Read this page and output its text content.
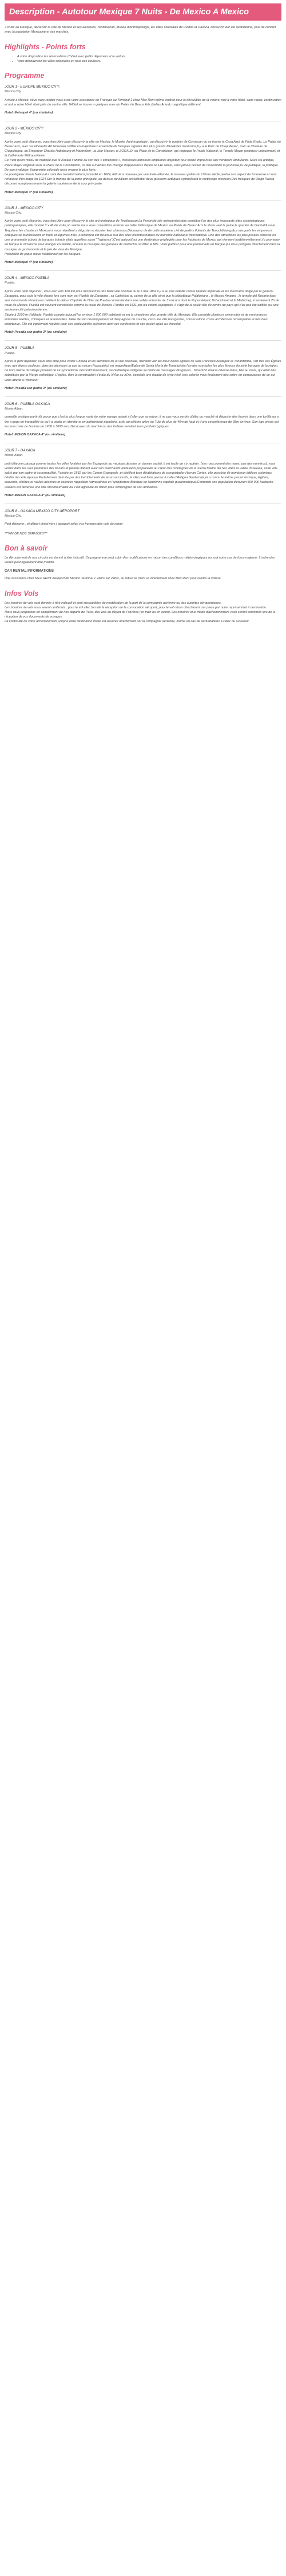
Description - Autotour Mexique 7 Nuits - De Mexico A Mexico

7 Nuits au Mexique, découvrir la ville de Mexico et ses alentours, Teotihuacan, Musée d'Anthropologie, les villes coloniales de Puebla et Oaxaca, découvrir leur vie quotidienne, plus de contact avec la population Mexicaine et ses marchés.

Highlights - Points forts
• A votre disposition les réservations d'hôtel avec petits déjeuners et la voiture.
• Vous découvrirez les villes coloniales en tous ces couleurs.
Programme
JOUR 1 - EUROPE MEXICO CITY.
Mexico City.
Arrivée à Mexico, vous avez rendez vous avec votre assistance en Français au Terminal 1 chez Mex Rent même endroit pour la dévolution de la voiture, nuit a votre hôtel, sans repas, continuation et nuit a votre hôtel situé près du centre ville. l'Hôtel se trouve a quelques rues du Palais de Beaux Arts (bellas Artes), magnifique bâtiment.
Hotel: Metropol 4* (ou similaire)
JOUR 2 - MEXICO CITY
Mexico City.
Après votre petit déjeuner, vous êtes libre pour découvrir la ville de Mexico, le Musée d'anthropologie , ou découvrir le quartier de Coyoacan ou se trouve la Casa Azul de Frida Khalo, Le Palais de Beaux arts, avec sa silhouette Art Nouveau coiffée en majestueux ensemble de fresques signées des plus grands Muralistes mexicains,Il y a le Parc de Chapultepec, avec le Chateau de Chapultepec, ou Empereur Charles Habsbourg et Maximilien , la Jour Maison, le ZOCALO, ou Place de la Constitution, qui regroupe le Palais National, le Temple Mayor (extérieur uniquement) et la Cathédrale Métropolitaine.
Ce n'est qu'en milieu de matinée que le Zocalo s'anime au son des « concheros », intéressés danseurs emplumés disputant leur scène improvisée aux vendeurs ambulants. Sous-sol antique, Place Mayor englouti sous la Place de la Constitution, ce lieu a maintes fois changé d'apparences depuis le 14e siècle, sans jamais cesser de rassembler la jeunesse,la vie publique, la politique. De son évolution, l'empreinte coloniale reste encore la plus forte.
Le prestigieux Palais National a subi des transformations,incendié en 1624, détruit à nouveau par une foule affamée, le nouveau palais du 17ème siècle perdra son aspect de forteresse et sera rehaussé d'un étage en 1924.Sur le fronton de la porte principale, au-dessus du balcon présidentiel deux guerriers aztèques symbolisant le métissage mexicain.Des fresques de Diego Rivera décorent somptueusement la galerie supérieure de la cour principale.
Hotel: Metropol 4* (ou similaire)
JOUR 3 - MEXICO CITY
Mexico City.
Après votre petit déjeuner, vous êtes libre pour découvrir le site archéologique de Teotihuacan,La Pyramide,site mésoaméricaine constitue l'un des plus imposants sites archéologiques préhispaniques, elle montré 3 x 4h de visite,on soirée nous vous conseillons assister au ballet folklorique de Mexico au Palais de Beaux Arts le show vaut la peine,le quartier de Garibaldi ou le Tequila et les chanteurs Mexicains vous réveillent a déguster et écouter leur chansons,Découvrez de de cette ancienne cité de jardins flottants de Tenochtitlan grâce auxquels les empereurs aztèques se fournissaient en fruits et légumes frais, Xochimilco est devenue l'un des sites incontournables du tourisme national et international. Une des attractions les plus prisées consiste en une promenade à bord de barques à fonds plats appelées aussi "Trajineras",C'est aujourd'hui une destination privilégiée pour les habitants de Mexico qui viennent traditionnellement s'y promener en barque le dimanche pour manger en famille, écouter la musique des groupes de mariachis ou fêter la fête. Vous partirez pour une promenade en barque qui vous plongera directement dans la musique, la gastronomie et la joie de vivre du Mexique.
Possibilité de pique-nique traditionnel sur les barques.
Hotel: Metropol 4* (ou similaire)
JOUR 4 - MEXICO PUEBLA
Puebla.
Après votre petit déjeuner , vous irez vers 120 km pour découvrir la très belle ville colonial ou le 5 mai 1862 il y a eu une bataille contre l'armée impériale et les mexicains dirige par le general Zaragoza, pour cela la ville depuis lors sont nom est Puebla de Zaragoza , sa Cathédral au centre de la ville ainsi que la bibliotèque Palafoxiana , le Museo Amparo , le temple del Rosario tous son monuments historiques méritent le détour.Capitale de l'Etat de Puebla construite dans une vallée entourée de 3 volcans dont le Popocatépetl, l'Ixtaccihuatl et la Malinche), é seulement 2h de route de Mexico, Puebla est souvent considérée comme la rivale de Mexico. Fondée en 1531 par les colons espagnols, il s'agit de la seule ville du centre du pays qui n'ait pas été édifiée sur une ancienne cité précolombienne.
Située à 2160 m d'altitude, Puebla compte aujourd'hui environ 1 500 000 habitants et est la cinquième plus grande ville du Mexique. Elle possède plusieurs universités et de nombreuses industries textiles, chimiques et automobiles. Fière de son développement et d'espagnols de souche, c'est une ville bourgeoise, conservatrice, d'une architecture remarquable et très bien entretenue. Elle est également réputée pour ses particularités culinaires dont ses confiseries et son poulet épicé au chocolat.
Hotel: Posada san pedro 3* (ou similaire)
JOUR 5 - PUEBLA
Puebla.
Après le petit déjeuner, vous êtes libre pour visiter Cholula et les alentours de la ville coloniale, méritent voir les deux belles églises de San Francisco Acatepec et Tonantzintla, l'art des ses Églises avec des divers couleurs, dans les alentours ia vue au volcan Popocatécil est magnifique(Eglise de Santa María de Tonantzintla l'un des exemples les plus féroces du style baroque de la région. Le nom même du village provient de ce syncrétisme décoratif foisonnant, où l'esthétique indigène se teinte de messages liturgiques , Tonantzin était la déesse-mère, liée au maïs, qui allait être substituée par la Vierge catholique, L'église, dont la construction s'étala du XVIIe au XIXe, possède une façade de style néol, très colorée mais finalement très sobre en comparaison de ce qui vous attend à l'intérieur.
Hotel: Posada san pedro 3* (ou similaire)
JOUR 6 - PUEBLA OAXACA
Monte Alban.
conseille pratique partir tôt parce que c'est la plus longue route de votre voyage autant a l'aller que au retour ,il ne pas vous perdre d'aller ou marché et déguster des fournis dans une tortilla ou a lire a gogo en tranquillité ce qu'il a perdu en identité et en authenticité populaire, arrêt au célèbre arbre de Tule de plus de 40m de haut et d'une circonférence de 35m environ, Son âge précis est inconnu mais on l'estime de 1200 à 3000 ans, Découvrez du marché ou des Indiens vendent leurs produits typiques.
Hotel: MISION OAXACA 4* (ou similaire)
JOUR 7 - OAXACA
Monte Alban.
petit déjeuner,oaxaca comme toutes les villes fondées par les Espagnols au mexique,dessine un damier parfait, il est facile de s'y repérer .(ses rues portent des noms, pas des numéros), vous verrez dans les rues piétonnes des bazars et piétons flânant avec son marchands ambulants,l'esplanade au cœur des montagnes de la Sierra Madre del Sur, dans la vallée d'Oaxaca, cette ville salué par son cadre et sa tranquillité, Fondée en 1532 par les Colons Espagnols ,et distillent tous d'habitations de conquistador Hernan Cortés, elle possède de nombreux édifices coloniaux hérités de cette époque.Parfaitement détruite par des tremblements de terre successifs, la ville peut faire penser à celle d'Antigua Guatemala,et a connu le même passé sismique, Églises, couvents, cloîtres et ruelles désertes et colorées rappellent l'atmosphère et l'architecture Baroque de l'ancienne capitale guatémaltèque.Comptant une population d'environ 500 000 habitants, Oaxaca est devenue une ville incontournable où il est agréable de flâner pour s'imprégner de son ambiance.
Hotel: MISION OAXACA 4* (ou similaire)
JOUR 8 - OAXACA MEXICO CITY AEROPORT
Mexico City.
Petit déjeuner , et départ direct vers l aeroport selon vos horaires des vols du retour

***FIN DE NOS SERVICES***
Bon à savoir

Le déroulement de nos circuits est donné à titre indicatif. Ce programme peut subir des modifications en raison des conditions météorologiques ou tout autre cas de force majeure. L'ordre des visites peut également être modifié.

CAR RENTAL INFORMATIONS

Une assistance chez MEX RENT Aeroport de Mexico Terminal 1 24hrs sur 24hrs, au retour le client va directement chez Mex Rent pour rendre la voiture.

Infos Vols

Les horaires de vols sont donnés à titre indicatif et sont susceptibles de modification de la part de la compagnie aérienne ou des autorités aéroportuaires.
Les horaires de vols vous seront confirmés : pour le vol aller, lors de la réception de la convocation aéroport, pour le vol retour directement sur place par notre représentant à destination.
Nous vous proposons en complément de nos départs de Paris, des vols au départ de Province (en train ou en avion). Les horaires et le mode d'acheminement vous seront confirmés lors de la réception de vos documents de voyages.
La continuité de votre acheminement jusqu'à votre destination finale est assurée directement par la compagnie aérienne, même en cas de perturbations à l'aller ou au retour.
